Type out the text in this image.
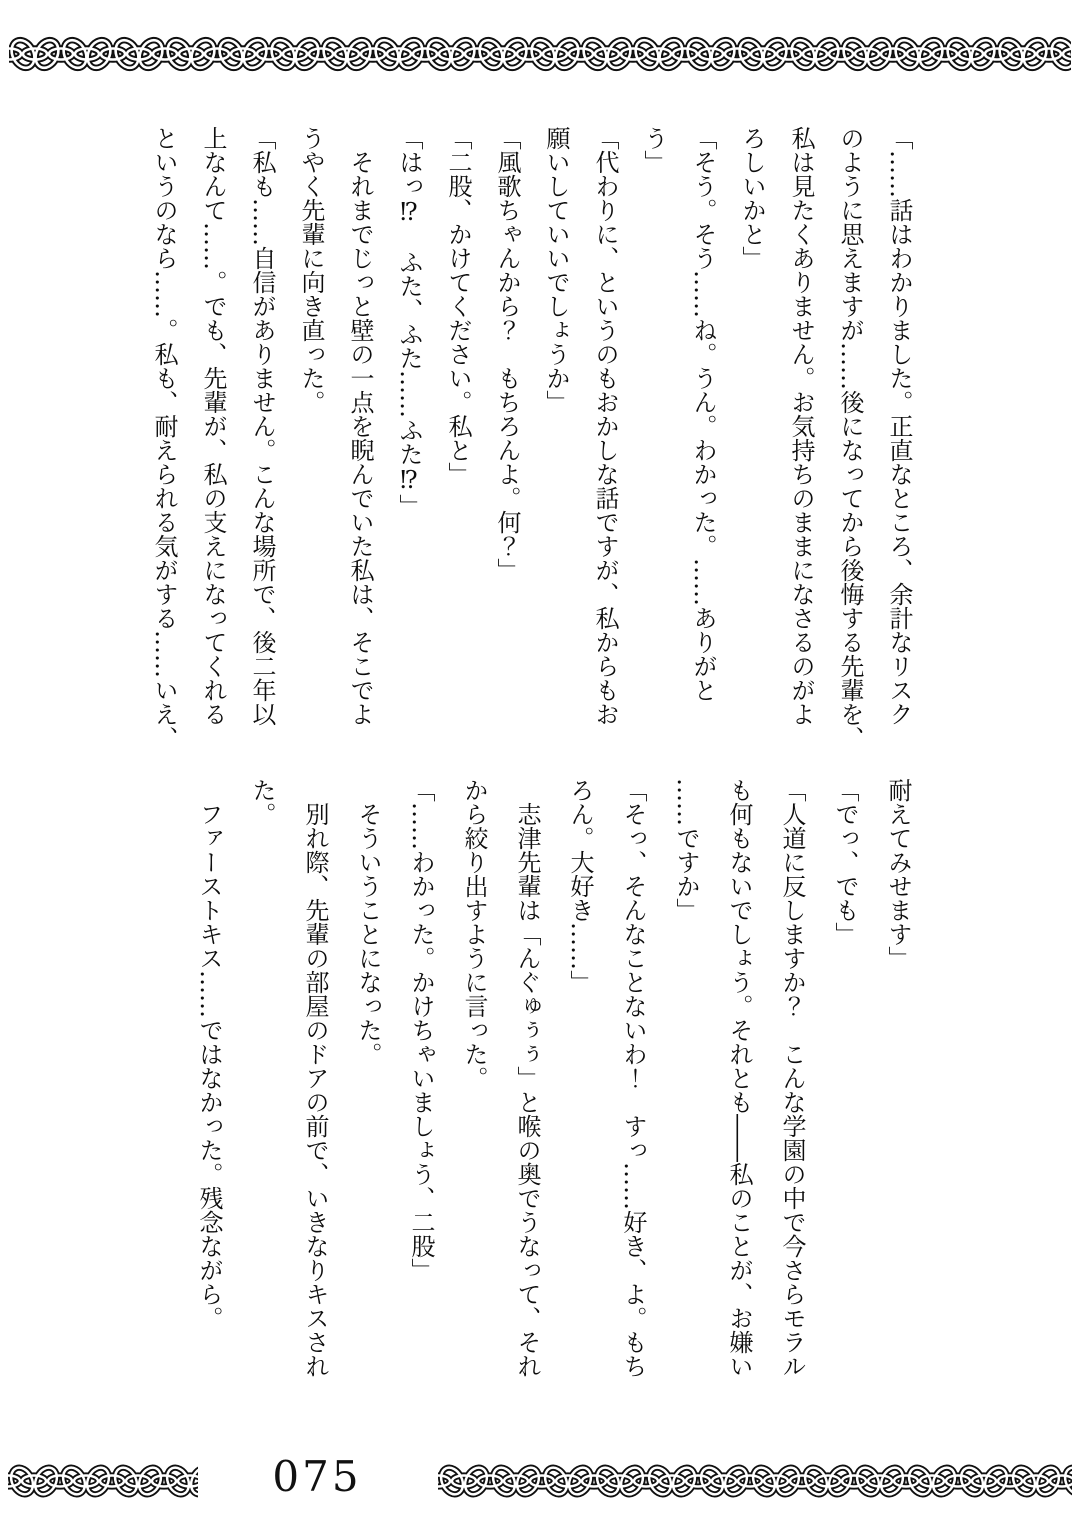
「……話はわかりました。正直なところ、余計なリスク

のように思えますが……後になってから後悔する先輩を、

私は見たくありません。お気持ちのままになさるのがよ

ろしいかと」

「そう。そう……ね。うん。わかった。……ありがと

う」

「代わりに、というのもおかしな話ですが、私からもお

願いしていいでしょうか」

「風歌ちゃんから？　もちろんよ。何？」

「二股、かけてください。私と」

「はっ⁉　ふた、ふた……ふた⁉」

それまでじっと壁の一点を睨んでいた私は、そこでよ

うやく先輩に向き直った。

「私も……自信がありません。こんな場所で、後二年以

上なんて……。でも、先輩が、私の支えになってくれる

というのなら……。私も、耐えられる気がする……いえ、

耐えてみせます」

「でっ、でも」

「人道に反しますか？　こんな学園の中で今さらモラル

も何もないでしょう。それとも――私のことが、お嫌い

……ですか」

「そっ、そんなことないわ！　すっ……好き、よ。もち

ろん。大好き……」

志津先輩は「んぐゅぅぅ」と喉の奥でうなって、それ

から絞り出すように言った。

「……わかった。かけちゃいましょう、二股」

そういうことになった。

別れ際、先輩の部屋のドアの前で、いきなりキスされ

た。

ファーストキス……ではなかった。残念ながら。

075
